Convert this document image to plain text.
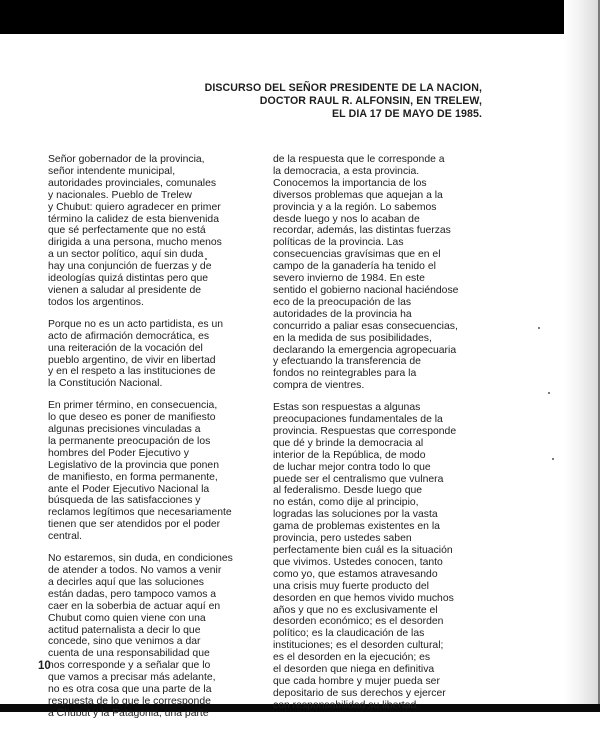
DISCURSO DEL SEÑOR PRESIDENTE DE LA NACION,
DOCTOR RAUL R. ALFONSIN, EN TRELEW,
EL DIA 17 DE MAYO DE 1985.

Señor gobernador de la provincia,
señor intendente municipal,
autoridades provinciales, comunales
y nacionales. Pueblo de Trelew
y Chubut: quiero agradecer en primer
término la calidez de esta bienvenida
que sé perfectamente que no está
dirigida a una persona, mucho menos
a un sector político, aquí sin duda
hay una conjunción de fuerzas y de
ideologías quizá distintas pero que
vienen a saludar al presidente de
todos los argentinos.

Porque no es un acto partidista, es un
acto de afirmación democrática, es
una reiteración de la vocación del
pueblo argentino, de vivir en libertad
y en el respeto a las instituciones de
la Constitución Nacional.

En primer término, en consecuencia,
lo que deseo es poner de manifiesto
algunas precisiones vinculadas a
la permanente preocupación de los
hombres del Poder Ejecutivo y
Legislativo de la provincia que ponen
de manifiesto, en forma permanente,
ante el Poder Ejecutivo Nacional la
búsqueda de las satisfacciones y
reclamos legítimos que necesariamente
tienen que ser atendidos por el poder
central.

No estaremos, sin duda, en condiciones
de atender a todos. No vamos a venir
a decirles aquí que las soluciones
están dadas, pero tampoco vamos a
caer en la soberbia de actuar aquí en
Chubut como quien viene con una
actitud paternalista a decir lo que
concede, sino que venimos a dar
cuenta de una responsabilidad que
nos corresponde y a señalar que lo
que vamos a precisar más adelante,
no es otra cosa que una parte de la
respuesta de lo que le corresponde
a Chubut y la Patagonia, una parte

de la respuesta que le corresponde a
la democracia, a esta provincia.
Conocemos la importancia de los
diversos problemas que aquejan a la
provincia y a la región. Lo sabemos
desde luego y nos lo acaban de
recordar, además, las distintas fuerzas
políticas de la provincia. Las
consecuencias gravísimas que en el
campo de la ganadería ha tenido el
severo invierno de 1984. En este
sentido el gobierno nacional haciéndose
eco de la preocupación de las
autoridades de la provincia ha
concurrido a paliar esas consecuencias,
en la medida de sus posibilidades,
declarando la emergencia agropecuaria
y efectuando la transferencia de
fondos no reintegrables para la
compra de vientres.

Estas son respuestas a algunas
preocupaciones fundamentales de la
provincia. Respuestas que corresponde
que dé y brinde la democracia al
interior de la República, de modo
de luchar mejor contra todo lo que
puede ser el centralismo que vulnera
al federalismo. Desde luego que
no están, como dije al principio,
logradas las soluciones por la vasta
gama de problemas existentes en la
provincia, pero ustedes saben
perfectamente bien cuál es la situación
que vivimos. Ustedes conocen, tanto
como yo, que estamos atravesando
una crisis muy fuerte producto del
desorden en que hemos vivido muchos
años y que no es exclusivamente el
desorden económico; es el desorden
político; es la claudicación de las
instituciones; es el desorden cultural;
es el desorden en la ejecución; es
el desorden que niega en definitiva
que cada hombre y mujer pueda ser
depositario de sus derechos y ejercer
con responsabilidad su libertad.

10
